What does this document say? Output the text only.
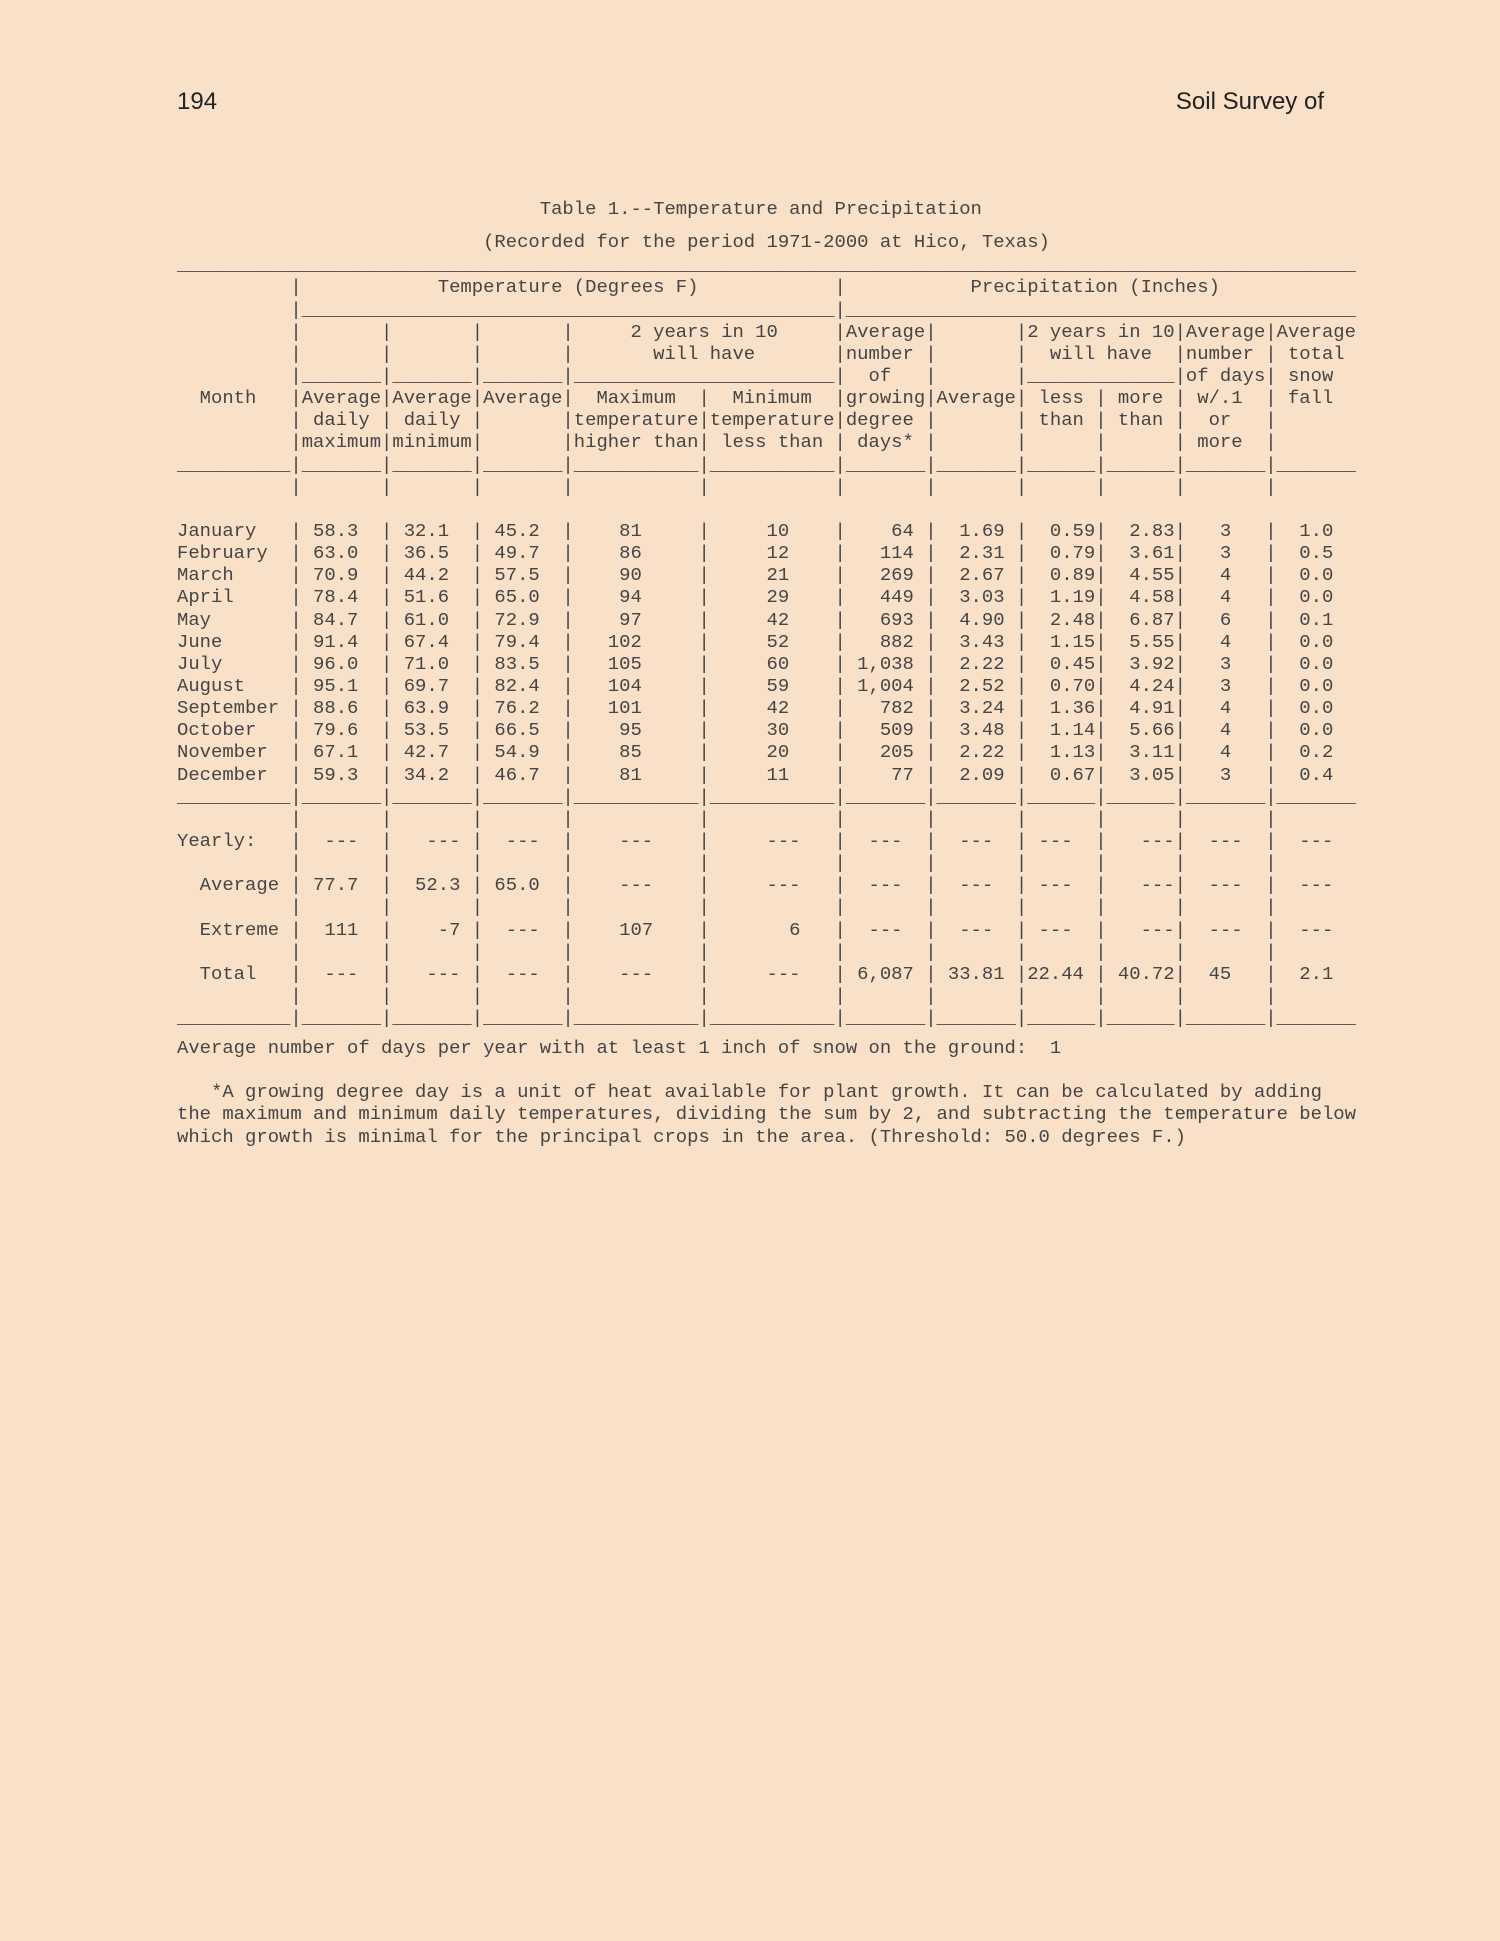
194	Soil Survey of
Table 1.--Temperature and Precipitation
(Recorded for the period 1971-2000 at Hico, Texas)
________________________________________________________________________________________________________
|            Temperature (Degrees F)            |           Precipitation (Inches)
|_______________________________________________|_____________________________________________
|       |       |       |     2 years in 10     |Average|       |2 years in 10|Average|Average
|       |       |       |       will have       |number |       |  will have  |number | total
|_______|_______|_______|_______________________|  of   |       |_____________|of days| snow
Month   |Average|Average|Average|  Maximum  |  Minimum  |growing|Average| less | more | w/.1  | fall
| daily | daily |       |temperature|temperature|degree |       | than | than |  or   |
|maximum|minimum|       |higher than| less than | days* |       |      |      | more  |
__________|_______|_______|_______|___________|___________|_______|_______|______|______|_______|_______
|       |       |       |           |           |       |       |      |      |       |
January   | 58.3  | 32.1  | 45.2  |    81     |     10    |    64 |  1.69 |  0.59|  2.83|   3   |  1.0
February  | 63.0  | 36.5  | 49.7  |    86     |     12    |   114 |  2.31 |  0.79|  3.61|   3   |  0.5
March     | 70.9  | 44.2  | 57.5  |    90     |     21    |   269 |  2.67 |  0.89|  4.55|   4   |  0.0
April     | 78.4  | 51.6  | 65.0  |    94     |     29    |   449 |  3.03 |  1.19|  4.58|   4   |  0.0
May       | 84.7  | 61.0  | 72.9  |    97     |     42    |   693 |  4.90 |  2.48|  6.87|   6   |  0.1
June      | 91.4  | 67.4  | 79.4  |   102     |     52    |   882 |  3.43 |  1.15|  5.55|   4   |  0.0
July      | 96.0  | 71.0  | 83.5  |   105     |     60    | 1,038 |  2.22 |  0.45|  3.92|   3   |  0.0
August    | 95.1  | 69.7  | 82.4  |   104     |     59    | 1,004 |  2.52 |  0.70|  4.24|   3   |  0.0
September | 88.6  | 63.9  | 76.2  |   101     |     42    |   782 |  3.24 |  1.36|  4.91|   4   |  0.0
October   | 79.6  | 53.5  | 66.5  |    95     |     30    |   509 |  3.48 |  1.14|  5.66|   4   |  0.0
November  | 67.1  | 42.7  | 54.9  |    85     |     20    |   205 |  2.22 |  1.13|  3.11|   4   |  0.2
December  | 59.3  | 34.2  | 46.7  |    81     |     11    |    77 |  2.09 |  0.67|  3.05|   3   |  0.4
__________|_______|_______|_______|___________|___________|_______|_______|______|______|_______|_______
|       |       |       |           |           |       |       |      |      |       |
Yearly:   |  ---  |   --- |  ---  |    ---    |     ---   |  ---  |  ---  | ---  |   ---|  ---  |  ---
|       |       |       |           |           |       |       |      |      |       |
Average | 77.7  |  52.3 | 65.0  |    ---    |     ---   |  ---  |  ---  | ---  |   ---|  ---  |  ---
|       |       |       |           |           |       |       |      |      |       |
Extreme |  111  |    -7 |  ---  |    107    |       6   |  ---  |  ---  | ---  |   ---|  ---  |  ---
|       |       |       |           |           |       |       |      |      |       |
Total   |  ---  |   --- |  ---  |    ---    |     ---   | 6,087 | 33.81 |22.44 | 40.72|  45   |  2.1
|       |       |       |           |           |       |       |      |      |       |
__________|_______|_______|_______|___________|___________|_______|_______|______|______|_______|_______
Average number of days per year with at least 1 inch of snow on the ground:  1
*A growing degree day is a unit of heat available for plant growth. It can be calculated by adding
the maximum and minimum daily temperatures, dividing the sum by 2, and subtracting the temperature below
which growth is minimal for the principal crops in the area. (Threshold: 50.0 degrees F.)
